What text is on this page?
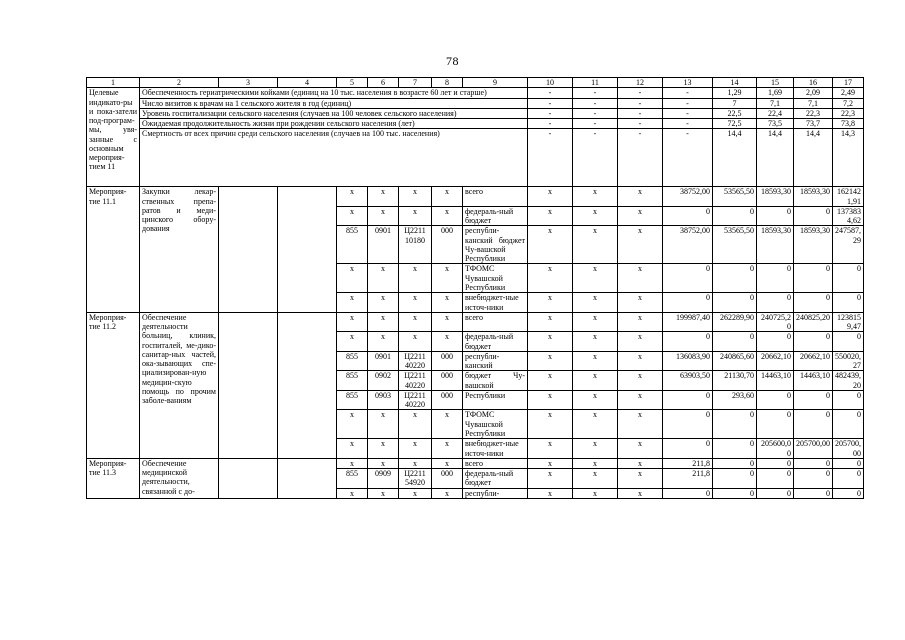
78
1	2	3	4	5	6	7	8	9	10	11	12	13	14	15	16	17
Целевые индикато-ры и пока-затели под-програм-мы, увя-занные с основным мероприя-тием 11	Обеспеченность гериатрическими койками (единиц на 10 тыс. населения в возрасте 60 лет и старше)								-	-	-	-	1,29	1,69	2,09	2,49
	Число визитов к врачам на 1 сельского жителя в год (единиц)								-	-	-	-	7	7,1	7,1	7,2
	Уровень госпитализации сельского населения (случаев на 100 человек сельского населения)								-	-	-	-	22,5	22,4	22,3	22,3
	Ожидаемая продолжительность жизни при рождении сельского населения (лет)								-	-	-	-	72,5	73,5	73,7	73,8
	Смертность от всех причин среди сельского населения (случаев на 100 тыс. населения)								-	-	-	-	14,4	14,4	14,4	14,3
Мероприя-тие 11.1	Закупки лекар-ственных препа-ратов и меди-цинского обору-дования			x	x	x	x	всего	x	x	x	38752,00	53565,50	18593,30	18593,30	1621421,91
				x	x	x	x	федераль-ный бюджет	x	x	x	0	0	0	0	1373834,62
				855	0901	Ц2211 10180	000	республи-канский бюджет Чу-вашской Республики	x	x	x	38752,00	53565,50	18593,30	18593,30	247587,29
				x	x	x	x	ТФОМС Чувашской Республики	x	x	x	0	0	0	0	0
				x	x	x	x	внебюджет-ные источ-ники	x	x	x	0	0	0	0	0
Мероприя-тие 11.2	Обеспечение деятельности больниц, клиник, госпиталей, ме-дико-санитар-ных частей, ока-зывающих спе-циализирован-ную медицин-скую помощь по прочим заболе-ваниям			x	x	x	x	всего	x	x	x	199987,40	262289,90	240725,20	240825,20	1238159,47
				x	x	x	x	федераль-ный бюджет	x	x	x	0	0	0	0	0
				855	0901	Ц2211 40220	000	республи-канский	x	x	x	136083,90	240865,60	20662,10	20662,10	550020,27
				855	0902	Ц2211 40220	000	бюджет Чу-вашской	x	x	x	63903,50	21130,70	14463,10	14463,10	482439,20
				855	0903	Ц2211 40220	000	Республики	x	x	x	0	293,60	0	0	0
				x	x	x	x	ТФОМС Чувашской Республики	x	x	x	0	0	0	0	0
				x	x	x	x	внебюджет-ные источ-ники	x	x	x	0	0	205600,00	205700,00	205700,00
Мероприя-тие 11.3	Обеспечение медицинской деятельности, связанной с до-			x	x	x	x	всего	x	x	x	211,8	0	0	0	0
				855	0909	Ц2211 54920	000	федераль-ный бюджет	x	x	x	211,8	0	0	0	0
				x	x	x	x	республи-	x	x	x	0	0	0	0	0
